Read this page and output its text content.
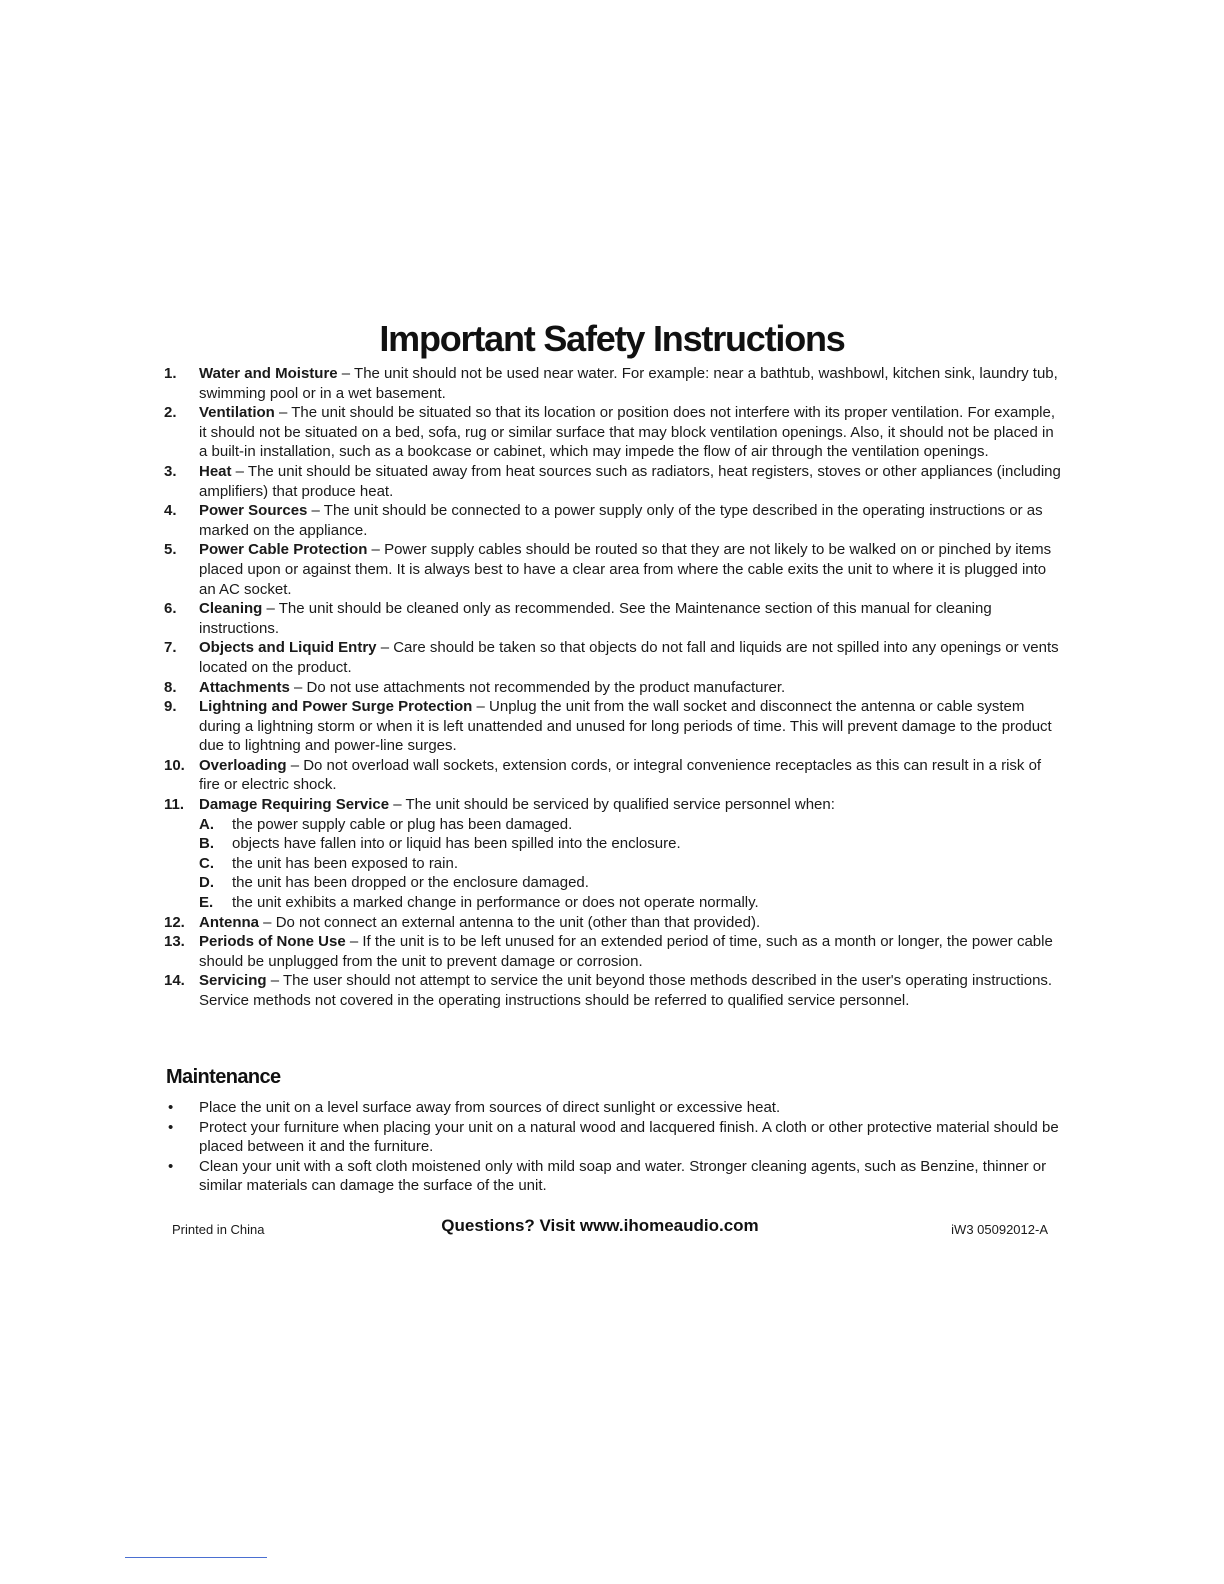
Important Safety Instructions
1. Water and Moisture – The unit should not be used near water. For example: near a bathtub, washbowl, kitchen sink, laundry tub, swimming pool or in a wet basement.
2. Ventilation – The unit should be situated so that its location or position does not interfere with its proper ventilation. For example, it should not be situated on a bed, sofa, rug or similar surface that may block ventilation openings. Also, it should not be placed in a built-in installation, such as a bookcase or cabinet, which may impede the flow of air through the ventilation openings.
3. Heat – The unit should be situated away from heat sources such as radiators, heat registers, stoves or other appliances (including amplifiers) that produce heat.
4. Power Sources – The unit should be connected to a power supply only of the type described in the operating instructions or as marked on the appliance.
5. Power Cable Protection – Power supply cables should be routed so that they are not likely to be walked on or pinched by items placed upon or against them. It is always best to have a clear area from where the cable exits the unit to where it is plugged into an AC socket.
6. Cleaning – The unit should be cleaned only as recommended. See the Maintenance section of this manual for cleaning instructions.
7. Objects and Liquid Entry – Care should be taken so that objects do not fall and liquids are not spilled into any openings or vents located on the product.
8. Attachments – Do not use attachments not recommended by the product manufacturer.
9. Lightning and Power Surge Protection – Unplug the unit from the wall socket and disconnect the antenna or cable system during a lightning storm or when it is left unattended and unused for long periods of time. This will prevent damage to the product due to lightning and power-line surges.
10. Overloading – Do not overload wall sockets, extension cords, or integral convenience receptacles as this can result in a risk of fire or electric shock.
11. Damage Requiring Service – The unit should be serviced by qualified service personnel when:
A. the power supply cable or plug has been damaged.
B. objects have fallen into or liquid has been spilled into the enclosure.
C. the unit has been exposed to rain.
D. the unit has been dropped or the enclosure damaged.
E. the unit exhibits a marked change in performance or does not operate normally.
12. Antenna – Do not connect an external antenna to the unit (other than that provided).
13. Periods of None Use – If the unit is to be left unused for an extended period of time, such as a month or longer, the power cable should be unplugged from the unit to prevent damage or corrosion.
14. Servicing – The user should not attempt to service the unit beyond those methods described in the user's operating instructions. Service methods not covered in the operating instructions should be referred to qualified service personnel.
Maintenance
• Place the unit on a level surface away from sources of direct sunlight or excessive heat.
• Protect your furniture when placing your unit on a natural wood and lacquered finish. A cloth or other protective material should be placed between it and the furniture.
• Clean your unit with a soft cloth moistened only with mild soap and water. Stronger cleaning agents, such as Benzine, thinner or similar materials can damage the surface of the unit.
Printed in China	Questions? Visit www.ihomeaudio.com	iW3 05092012-A
